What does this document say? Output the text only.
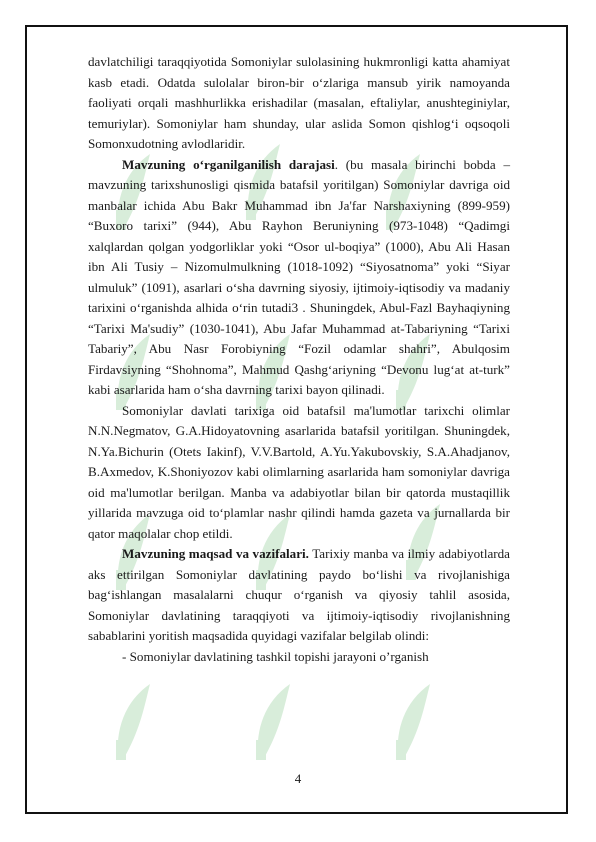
davlatchiligi taraqqiyotida Somoniylar sulolasining hukmronligi katta ahamiyat kasb etadi. Odatda sulolalar biron-bir o‘zlariga mansub yirik namoyanda faoliyati orqali mashhurlikka erishadilar (masalan, eftaliylar, anushteginiylar, temuriylar). Somoniylar ham shunday, ular aslida Somon qishlog‘i oqsoqoli Somonxudotning avlodlaridir.

Mavzuning o‘rganilganilish darajasi. (bu masala birinchi bobda – mavzuning tarixshunosligi qismida batafsil yoritilgan) Somoniylar davriga oid manbalar ichida Abu Bakr Muhammad ibn Ja'far Narshaxiyning (899-959) “Buxoro tarixi” (944), Abu Rayhon Beruniyning (973-1048) “Qadimgi xalqlardan qolgan yodgorliklar yoki “Osor ul-boqiya” (1000), Abu Ali Hasan ibn Ali Tusiy – Nizomulmulkning (1018-1092) “Siyosatnoma” yoki “Siyar ulmuluk” (1091), asarlari o‘sha davrning siyosiy, ijtimoiy-iqtisodiy va madaniy tarixini o‘rganishda alhida o‘rin tutadi3 . Shuningdek, Abul-Fazl Bayhaqiyning “Tarixi Ma'sudiy” (1030-1041), Abu Jafar Muhammad at-Tabariyning “Tarixi Tabariy”, Abu Nasr Forobiyning “Fozil odamlar shahri”, Abulqosim Firdavsiyning “Shohnoma”, Mahmud Qashg‘ariyning “Devonu lug‘at at-turk” kabi asarlarida ham o‘sha davrning tarixi bayon qilinadi.

Somoniylar davlati tarixiga oid batafsil ma'lumotlar tarixchi olimlar N.N.Negmatov, G.A.Hidoyatovning asarlarida batafsil yoritilgan. Shuningdek, N.Ya.Bichurin (Otets Iakinf), V.V.Bartold, A.Yu.Yakubovskiy, S.A.Ahadjanov, B.Axmedov, K.Shoniyozov kabi olimlarning asarlarida ham somoniylar davriga oid ma'lumotlar berilgan. Manba va adabiyotlar bilan bir qatorda mustaqillik yillarida mavzuga oid to‘plamlar nashr qilindi hamda gazeta va jurnallarda bir qator maqolalar chop etildi.

Mavzuning maqsad va vazifalari. Tarixiy manba va ilmiy adabiyotlarda aks ettirilgan Somoniylar davlatining paydo bo‘lishi va rivojlanishiga bag‘ishlangan masalalarni chuqur o‘rganish va qiyosiy tahlil asosida, Somoniylar davlatining taraqqiyoti va ijtimoiy-iqtisodiy rivojlanishning sabablarini yoritish maqsadida quyidagi vazifalar belgilab olindi:

- Somoniylar davlatining tashkil topishi jarayoni o’rganish

4
